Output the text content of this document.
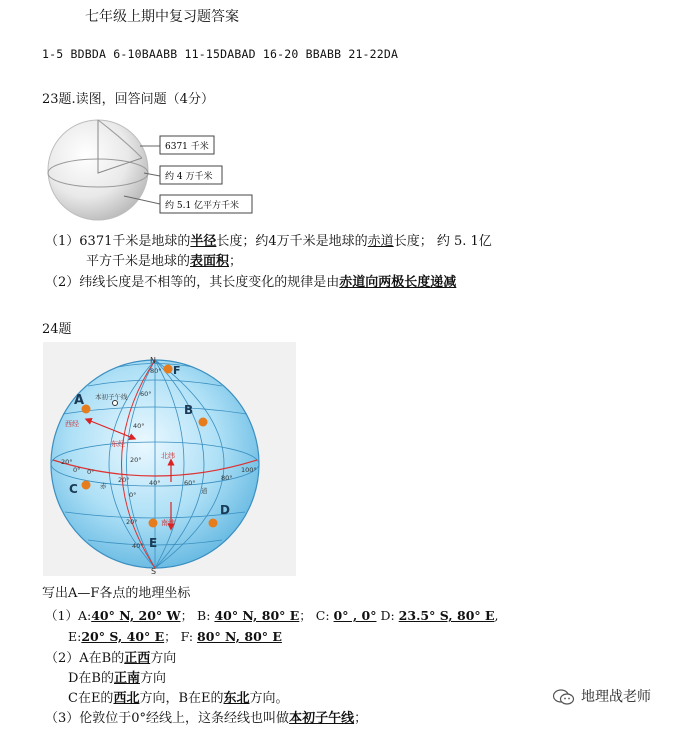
七年级上期中复习题答案
1-5 BDBDA 6-10BAABB 11-15DABAD 16-20 BBABB 21-22DA
23题.读图，回答问题（4分）
6371 千米
约 4 万千米
约 5.1 亿平方千米
（1）6371千米是地球的半径长度；约4万千米是地球的赤道长度； 约 5. 1亿
平方千米是地球的表面积；
（2）纬线长度是不相等的，其长度变化的规律是由赤道向两极长度递减
24题
N
S
F
A
B
C
D
E
80°
60°
40°
20°
0°
20°
40°
0°
20°	40°	60°
80°
100°
20°
0°
本初子午线
西经
东经
北纬
南纬
赤
道
写出A—F各点的地理坐标
（1）A:40° N, 20° W； B: 40° N, 80° E； C: 0° , 0° D: 23.5° S, 80° E,
E:20° S, 40° E； F: 80° N, 80° E
（2）A在B的正西方向
D在B的正南方向
C在E的西北方向，B在E的东北方向。
（3）伦敦位于0°经线上，这条经线也叫做本初子午线；
地理战老师
